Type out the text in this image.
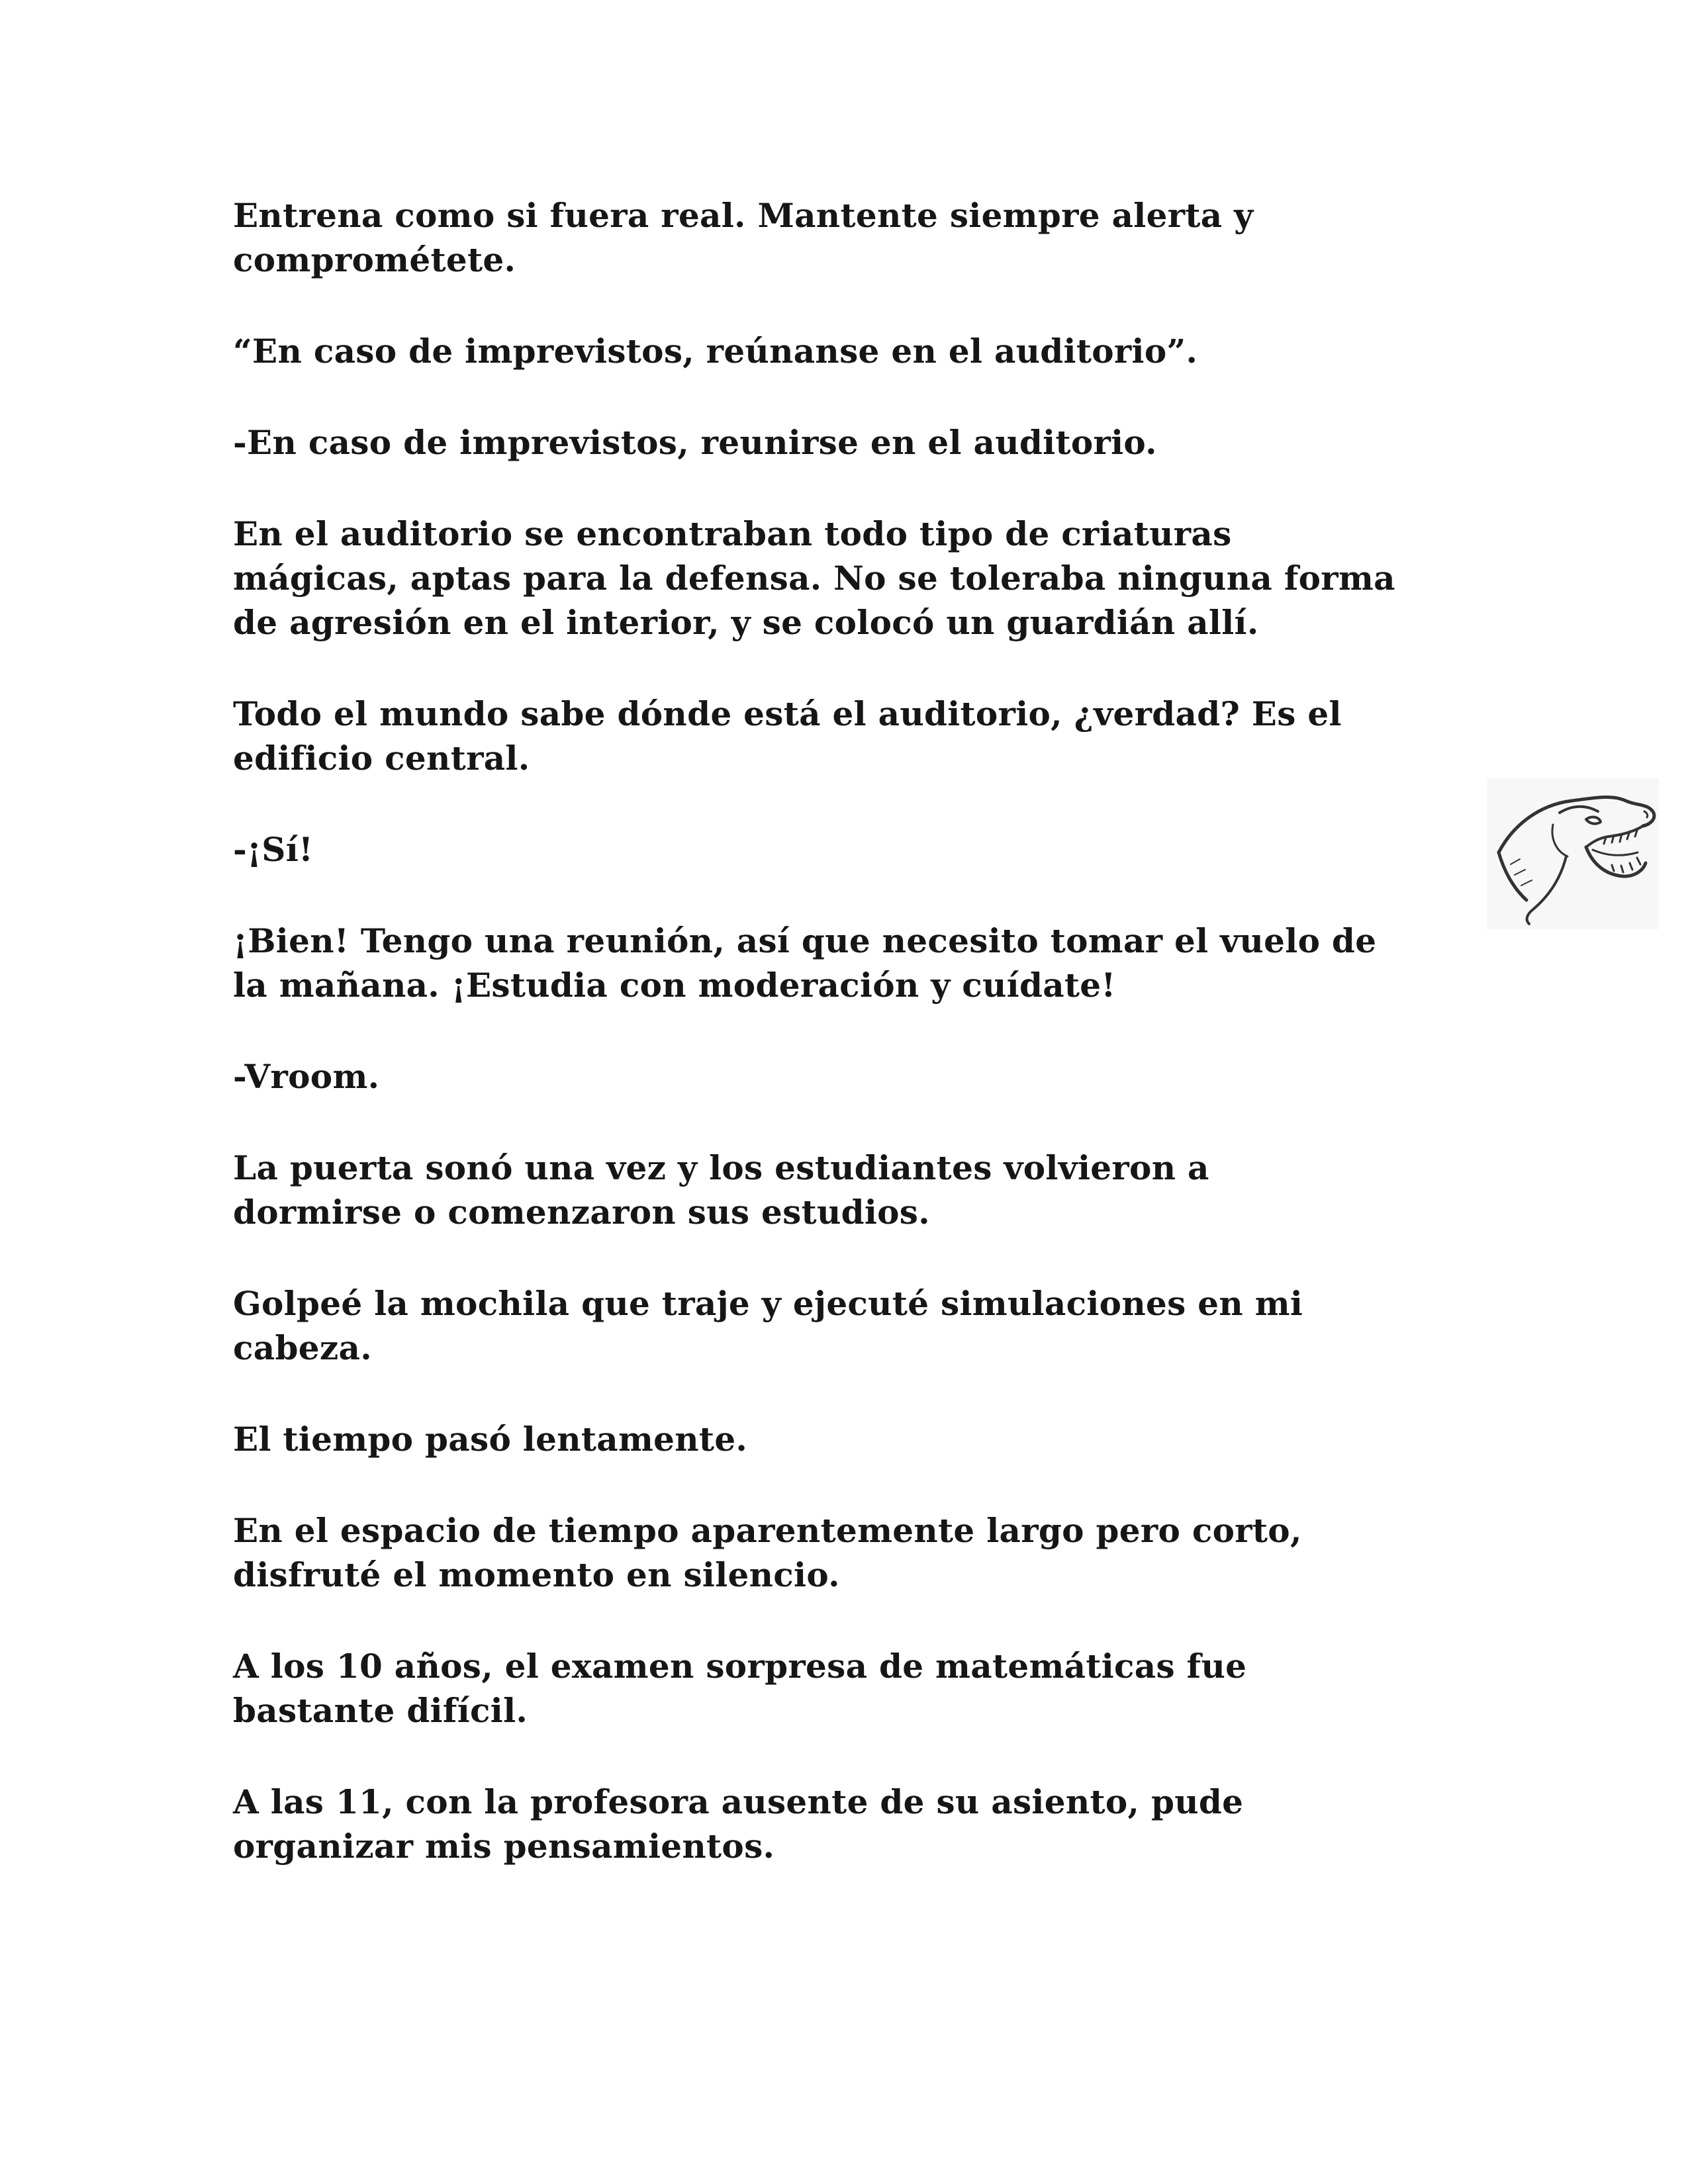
Entrena como si fuera real. Mantente siempre alerta y
comprométete.

“En caso de imprevistos, reúnanse en el auditorio”.

-En caso de imprevistos, reunirse en el auditorio.

En el auditorio se encontraban todo tipo de criaturas
mágicas, aptas para la defensa. No se toleraba ninguna forma
de agresión en el interior, y se colocó un guardián allí.

Todo el mundo sabe dónde está el auditorio, ¿verdad? Es el
edificio central.

-¡Sí!

¡Bien! Tengo una reunión, así que necesito tomar el vuelo de
la mañana. ¡Estudia con moderación y cuídate!

-Vroom.

La puerta sonó una vez y los estudiantes volvieron a
dormirse o comenzaron sus estudios.

Golpeé la mochila que traje y ejecuté simulaciones en mi
cabeza.

El tiempo pasó lentamente.

En el espacio de tiempo aparentemente largo pero corto,
disfruté el momento en silencio.

A los 10 años, el examen sorpresa de matemáticas fue
bastante difícil.

A las 11, con la profesora ausente de su asiento, pude
organizar mis pensamientos.
